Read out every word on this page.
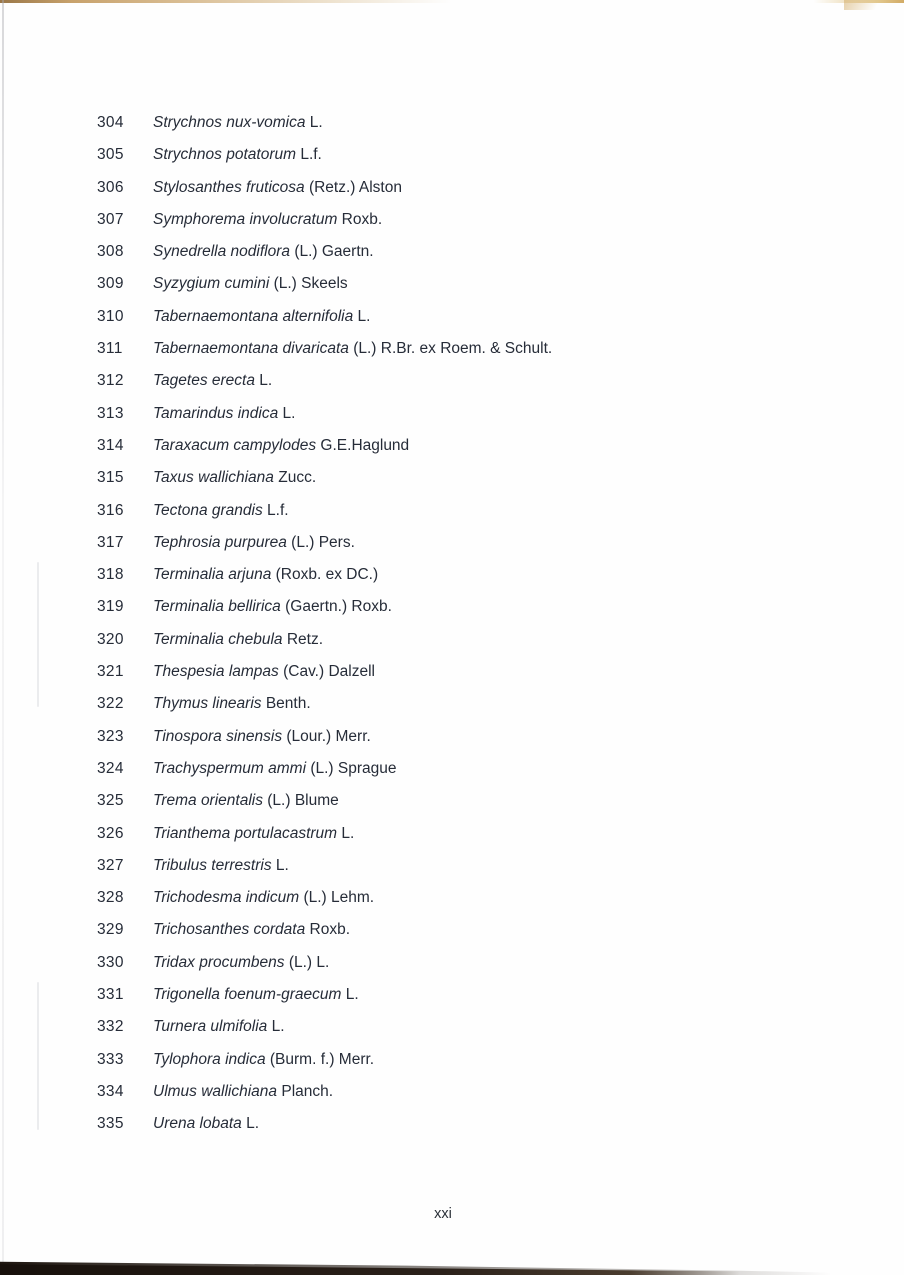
304	Strychnos nux-vomica L.
305	Strychnos potatorum L.f.
306	Stylosanthes fruticosa (Retz.) Alston
307	Symphorema involucratum Roxb.
308	Synedrella nodiflora (L.) Gaertn.
309	Syzygium cumini (L.) Skeels
310	Tabernaemontana alternifolia L.
311	Tabernaemontana divaricata (L.) R.Br. ex Roem. & Schult.
312	Tagetes erecta L.
313	Tamarindus indica L.
314	Taraxacum campylodes G.E.Haglund
315	Taxus wallichiana Zucc.
316	Tectona grandis L.f.
317	Tephrosia purpurea (L.) Pers.
318	Terminalia arjuna (Roxb. ex DC.)
319	Terminalia bellirica (Gaertn.) Roxb.
320	Terminalia chebula Retz.
321	Thespesia lampas (Cav.) Dalzell
322	Thymus linearis Benth.
323	Tinospora sinensis (Lour.) Merr.
324	Trachyspermum ammi (L.) Sprague
325	Trema orientalis (L.) Blume
326	Trianthema portulacastrum L.
327	Tribulus terrestris L.
328	Trichodesma indicum (L.) Lehm.
329	Trichosanthes cordata Roxb.
330	Tridax procumbens (L.) L.
331	Trigonella foenum-graecum L.
332	Turnera ulmifolia L.
333	Tylophora indica (Burm. f.) Merr.
334	Ulmus wallichiana Planch.
335	Urena lobata L.
xxi
